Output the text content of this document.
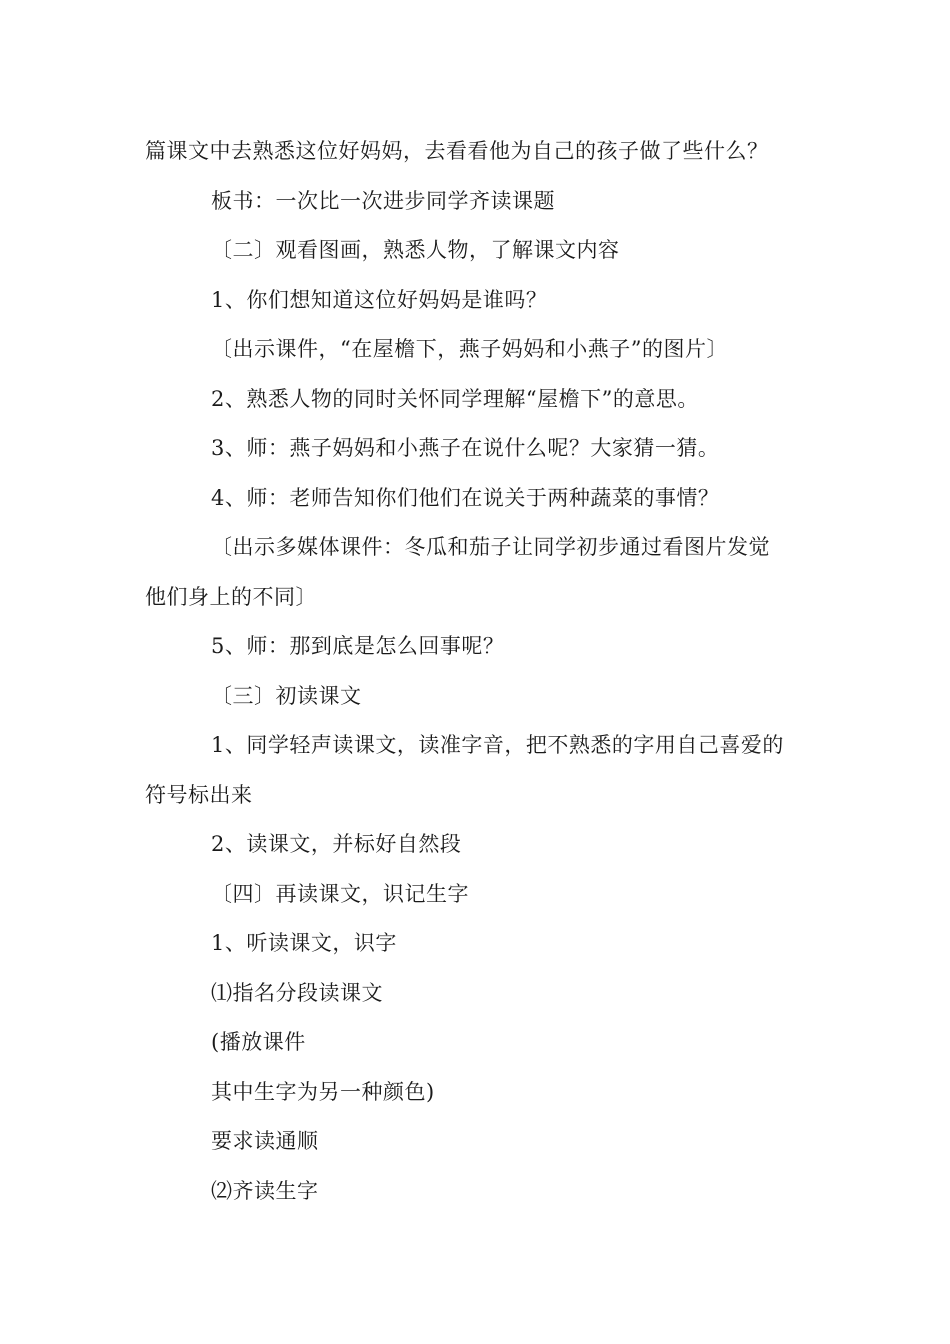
篇课文中去熟悉这位好妈妈，去看看他为自己的孩子做了些什么？
板书：一次比一次进步同学齐读课题
〔二〕观看图画，熟悉人物，了解课文内容
1、你们想知道这位好妈妈是谁吗？
〔出示课件，“在屋檐下，燕子妈妈和小燕子”的图片〕
2、熟悉人物的同时关怀同学理解“屋檐下”的意思。
3、师：燕子妈妈和小燕子在说什么呢？大家猜一猜。
4、师：老师告知你们他们在说关于两种蔬菜的事情？
〔出示多媒体课件：冬瓜和茄子让同学初步通过看图片发觉
他们身上的不同〕
5、师：那到底是怎么回事呢？
〔三〕初读课文
1、同学轻声读课文，读准字音，把不熟悉的字用自己喜爱的
符号标出来
2、读课文，并标好自然段
〔四〕再读课文，识记生字
1、听读课文，识字
⑴指名分段读课文
(播放课件
其中生字为另一种颜色)
要求读通顺
⑵齐读生字
